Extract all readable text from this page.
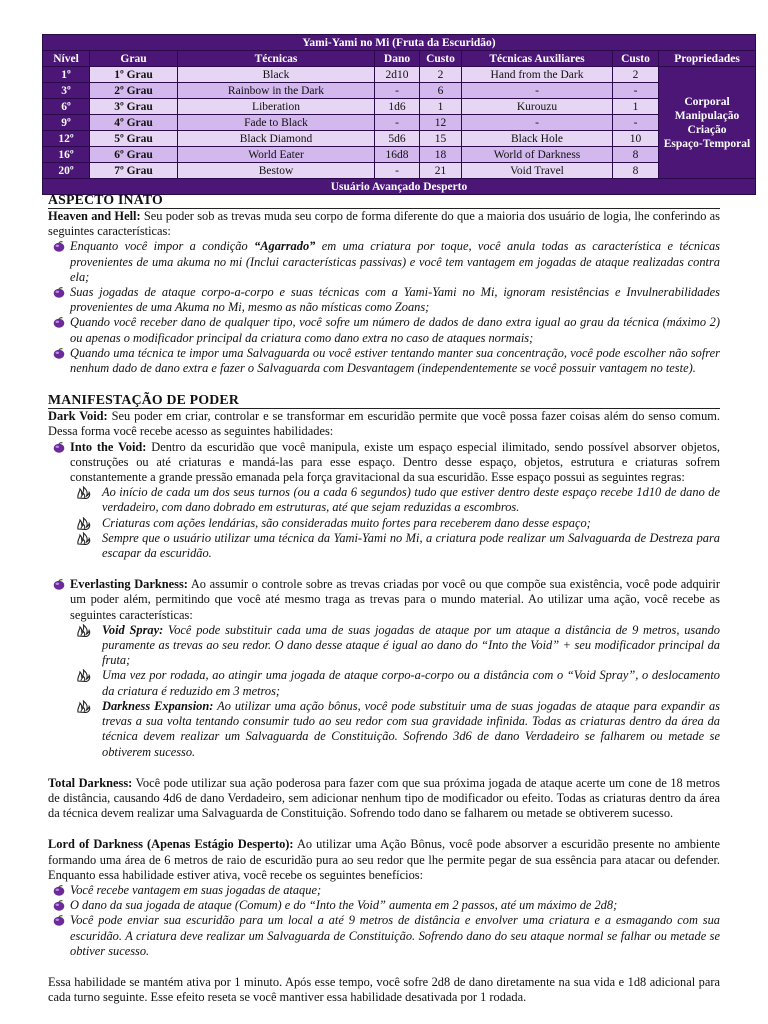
Yami-Yami no Mi (Fruta da Escuridão)							
Nível	Grau	Técnicas	Dano	Custo	Técnicas Auxiliares	Custo	Propriedades
1º	1º Grau	Black	2d10	2	Hand from the Dark	2	Corporal
Manipulação
Criação
Espaço-Temporal

3º	2º Grau	Rainbow in the Dark	-	6	-	-	
6º	3º Grau	Liberation	1d6	1	Kurouzu	1	
9º	4º Grau	Fade to Black	-	12	-	-	
12º	5º Grau	Black Diamond	5d6	15	Black Hole	10	
16º	6º Grau	World Eater	16d8	18	World of Darkness	8	
20º	7º Grau	Bestow	-	21	Void Travel	8	
Usuário Avançado Desperto							
ASPECTO INATO

Heaven and Hell: Seu poder sob as trevas muda seu corpo de forma diferente do que a maioria dos usuário de logia, lhe conferindo as seguintes características:

Enquanto você impor a condição “Agarrado” em uma criatura por toque, você anula todas as característica e técnicas provenientes de uma akuma no mi (Inclui características passivas) e você tem vantagem em jogadas de ataque realizadas contra ela;
Suas jogadas de ataque corpo-a-corpo e suas técnicas com a Yami-Yami no Mi, ignoram resistências e Invulnerabilidades provenientes de uma Akuma no Mi, mesmo as não místicas como Zoans;
Quando você receber dano de qualquer tipo, você sofre um número de dados de dano extra igual ao grau da técnica (máximo 2) ou apenas o modificador principal da criatura como dano extra no caso de ataques normais;
Quando uma técnica te impor uma Salvaguarda ou você estiver tentando manter sua concentração, você pode escolher não sofrer nenhum dado de dano extra e fazer o Salvaguarda com Desvantagem (independentemente se você possuir vantagem no teste).
MANIFESTAÇÃO DE PODER

Dark Void: Seu poder em criar, controlar e se transformar em escuridão permite que você possa fazer coisas além do senso comum. Dessa forma você recebe acesso as seguintes habilidades:

Into the Void: Dentro da escuridão que você manipula, existe um espaço especial ilimitado, sendo possível absorver objetos, construções ou até criaturas e mandá-las para esse espaço. Dentro desse espaço, objetos, estrutura e criaturas sofrem constantemente a grande pressão emanada pela força gravitacional da sua escuridão. Esse espaço possui as seguintes regras:
Ao início de cada um dos seus turnos (ou a cada 6 segundos) tudo que estiver dentro deste espaço recebe 1d10 de dano de verdadeiro, com dano dobrado em estruturas, até que sejam reduzidas a escombros.
Criaturas com ações lendárias, são consideradas muito fortes para receberem dano desse espaço;
Sempre que o usuário utilizar uma técnica da Yami-Yami no Mi, a criatura pode realizar um Salvaguarda de Destreza para escapar da escuridão.
Everlasting Darkness: Ao assumir o controle sobre as trevas criadas por você ou que compõe sua existência, você pode adquirir um poder além, permitindo que você até mesmo traga as trevas para o mundo material. Ao utilizar uma ação, você recebe as seguintes características:
Void Spray: Você pode substituir cada uma de suas jogadas de ataque por um ataque a distância de 9 metros, usando puramente as trevas ao seu redor. O dano desse ataque é igual ao dano do “Into the Void” + seu modificador principal da fruta;
Uma vez por rodada, ao atingir uma jogada de ataque corpo-a-corpo ou a distância com o “Void Spray”, o deslocamento da criatura é reduzido em 3 metros;
Darkness Expansion: Ao utilizar uma ação bônus, você pode substituir uma de suas jogadas de ataque para expandir as trevas a sua volta tentando consumir tudo ao seu redor com sua gravidade infinida. Todas as criaturas dentro da área da técnica devem realizar um Salvaguarda de Constituição. Sofrendo 3d6 de dano Verdadeiro se falharem ou metade se obtiverem sucesso.

Total Darkness: Você pode utilizar sua ação poderosa para fazer com que sua próxima jogada de ataque acerte um cone de 18 metros de distância, causando 4d6 de dano Verdadeiro, sem adicionar nenhum tipo de modificador ou efeito. Todas as criaturas dentro da área da técnica devem realizar uma Salvaguarda de Constituição. Sofrendo todo dano se falharem ou metade se obtiverem sucesso.

Lord of Darkness (Apenas Estágio Desperto): Ao utilizar uma Ação Bônus, você pode absorver a escuridão presente no ambiente formando uma área de 6 metros de raio de escuridão pura ao seu redor que lhe permite pegar de sua essência para atacar ou defender. Enquanto essa habilidade estiver ativa, você recebe os seguintes benefícios:

Você recebe vantagem em suas jogadas de ataque;
O dano da sua jogada de ataque (Comum) e do “Into the Void” aumenta em 2 passos, até um máximo de 2d8;
Você pode enviar sua escuridão para um local a até 9 metros de distância e envolver uma criatura e a esmagando com sua escuridão. A criatura deve realizar um Salvaguarda de Constituição. Sofrendo dano do seu ataque normal se falhar ou metade se obtiver sucesso.

Essa habilidade se mantém ativa por 1 minuto. Após esse tempo, você sofre 2d8 de dano diretamente na sua vida e 1d8 adicional para cada turno seguinte. Esse efeito reseta se você mantiver essa habilidade desativada por 1 rodada.
